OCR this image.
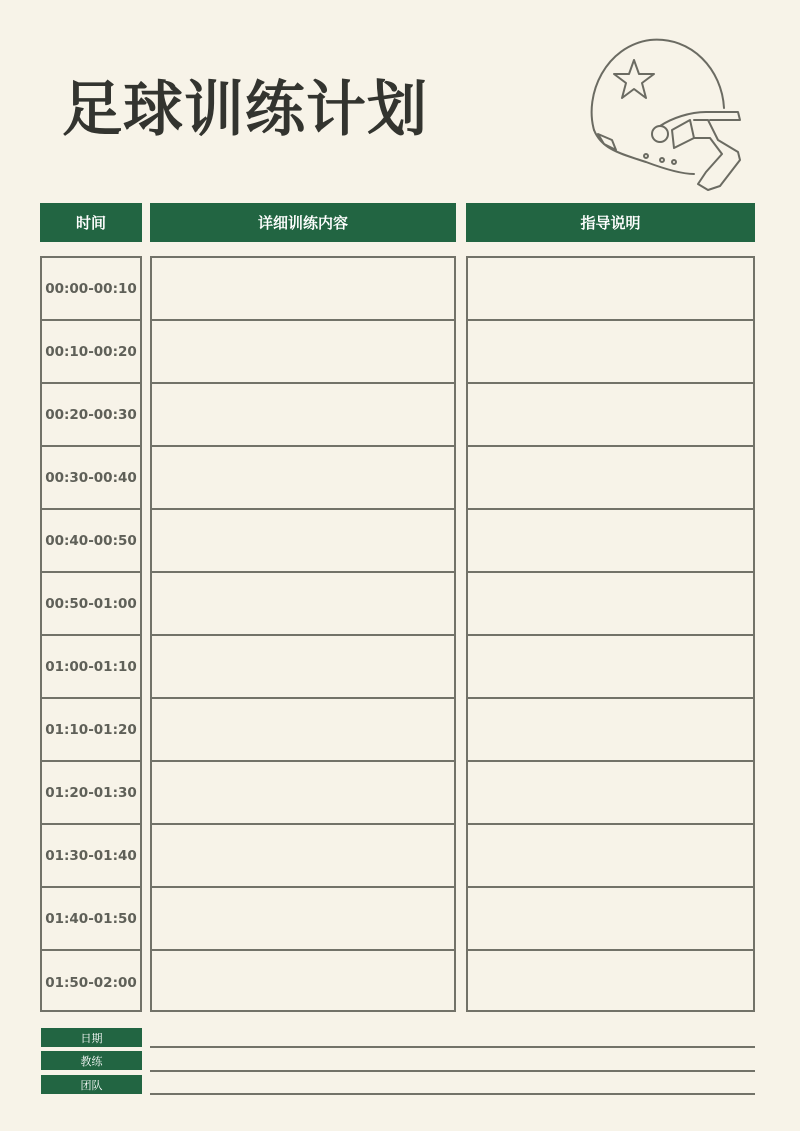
足球训练计划
时间	详细训练内容	指导说明
00:00-00:10
00:10-00:20
00:20-00:30
00:30-00:40
00:40-00:50
00:50-01:00
01:00-01:10
01:10-01:20
01:20-01:30
01:30-01:40
01:40-01:50
01:50-02:00
日期
教练
团队
